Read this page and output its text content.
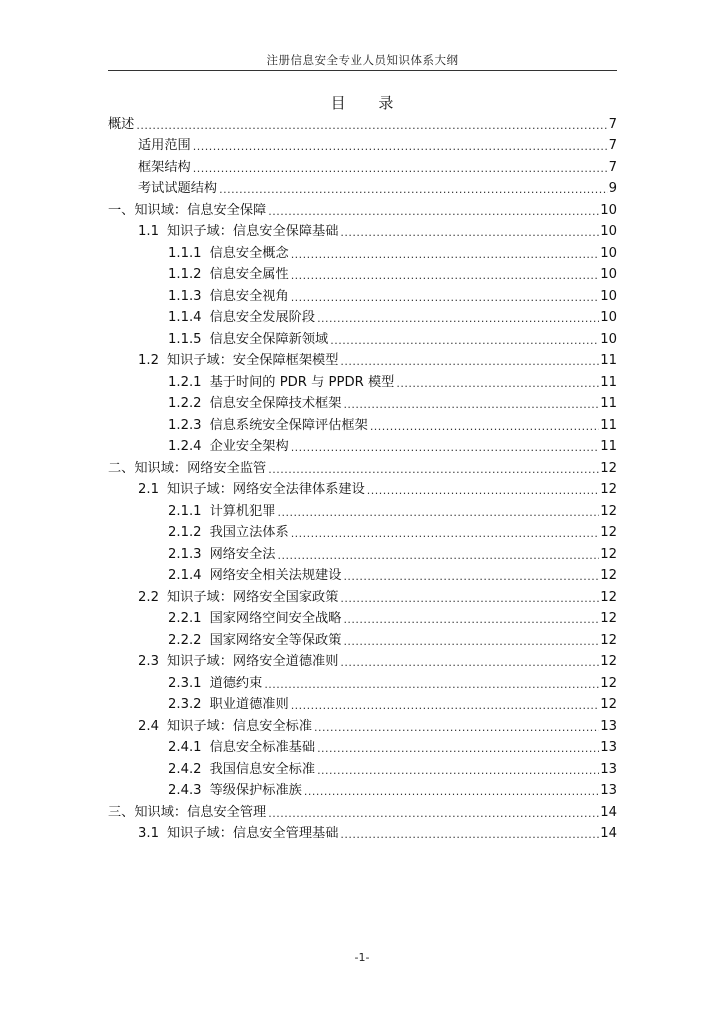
注册信息安全专业人员知识体系大纲
目 录
概述 .....	7
适用范围 .....	7
框架结构 .....	7
考试试题结构 .....	9
一、知识域：信息安全保障 .....	10
1.1 知识子域：信息安全保障基础 .....	10
1.1.1 信息安全概念 .....	10
1.1.2 信息安全属性 .....	10
1.1.3 信息安全视角 .....	10
1.1.4 信息安全发展阶段 .....	10
1.1.5 信息安全保障新领域 .....	10
1.2 知识子域：安全保障框架模型 .....	11
1.2.1 基于时间的 PDR 与 PPDR 模型 .....	11
1.2.2 信息安全保障技术框架 .....	11
1.2.3 信息系统安全保障评估框架 .....	11
1.2.4 企业安全架构 .....	11
二、知识域：网络安全监管 .....	12
2.1 知识子域：网络安全法律体系建设 .....	12
2.1.1 计算机犯罪 .....	12
2.1.2 我国立法体系 .....	12
2.1.3 网络安全法 .....	12
2.1.4 网络安全相关法规建设 .....	12
2.2 知识子域：网络安全国家政策 .....	12
2.2.1 国家网络空间安全战略 .....	12
2.2.2 国家网络安全等保政策 .....	12
2.3 知识子域：网络安全道德准则 .....	12
2.3.1 道德约束 .....	12
2.3.2 职业道德准则 .....	12
2.4 知识子域：信息安全标准 .....	13
2.4.1 信息安全标准基础 .....	13
2.4.2 我国信息安全标准 .....	13
2.4.3 等级保护标准族 .....	13
三、知识域：信息安全管理 .....	14
3.1 知识子域：信息安全管理基础 .....	14
-1-
